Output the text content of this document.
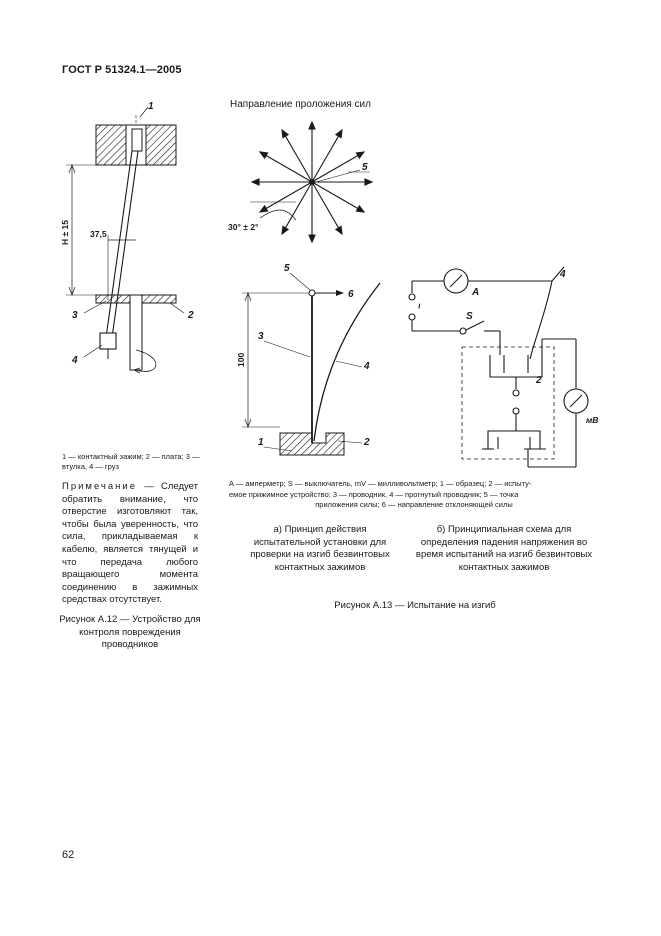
ГОСТ Р 51324.1—2005
H ± 15 37,5
1
2
3
4
1 — контактный зажим; 2 — плата; 3 — втулка, 4 — груз
Примечание — Следует обратить внимание, что отверстие изготовляют так, чтобы была уверенность, что сила, прикладываемая к кабелю, является тянущей и что передача любого вращающего момента соединению в зажимных средствах отсутствует.
Рисунок А.12 — Устройство для контроля повреждения проводников
Направление проложения сил
30° ± 2°
5
100
5
6
3
4
1	2
A
мВ
S
~
2
4
A — амперметр; S — выключатель, mV — милливольтметр; 1 — образец; 2 — испыту-
емое прижимное устройство; 3 — проводник, 4 — прогнутый проводник; 5 — точка
приложения силы; 6 — направление отклоняющей силы
а) Принцип действия испытательной установки для проверки на изгиб безвинтовых контактных зажимов
б) Принципиальная схема для определения падения напряжения во время испытаний на изгиб безвинтовых контактных зажимов
Рисунок А.13 — Испытание на изгиб
62
